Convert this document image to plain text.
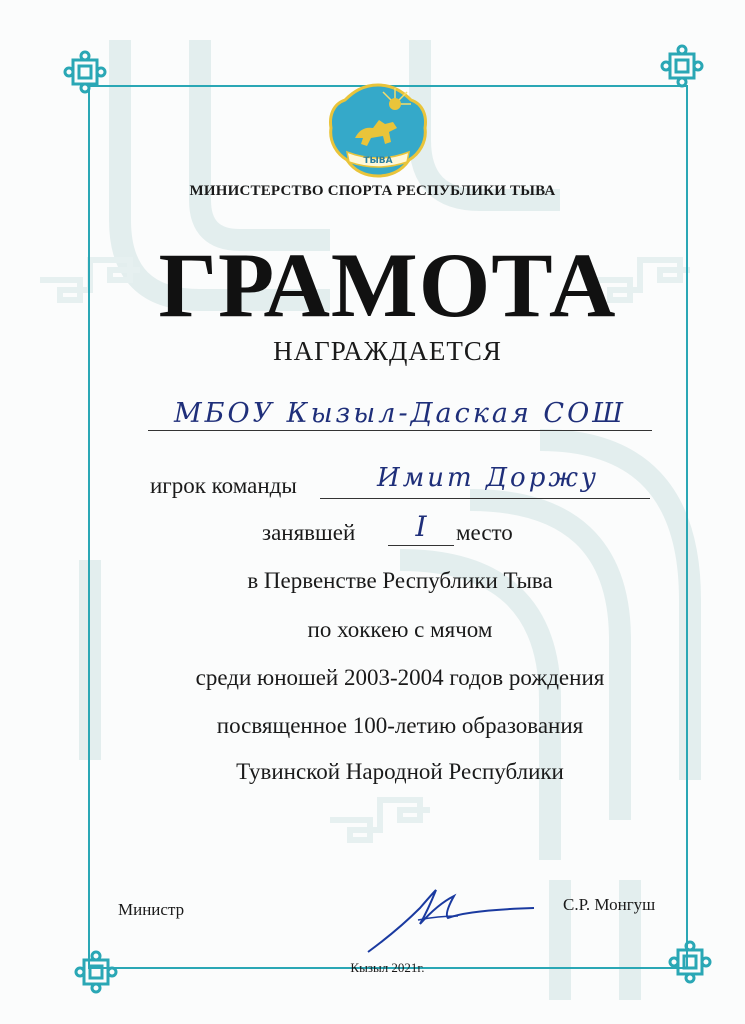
ТЫВА
МИНИСТЕРСТВО СПОРТА РЕСПУБЛИКИ ТЫВА
ГРАМОТА
НАГРАЖДАЕТСЯ
МБОУ Кызыл-Даская СОШ
игрок команды	Имит Доржу
занявшей	I	место
в Первенстве Республики Тыва
по хоккею с мячом
среди юношей 2003-2004 годов рождения
посвященное 100-летию образования
Тувинской Народной Республики
Министр	С.Р. Монгуш
Кызыл 2021г.
